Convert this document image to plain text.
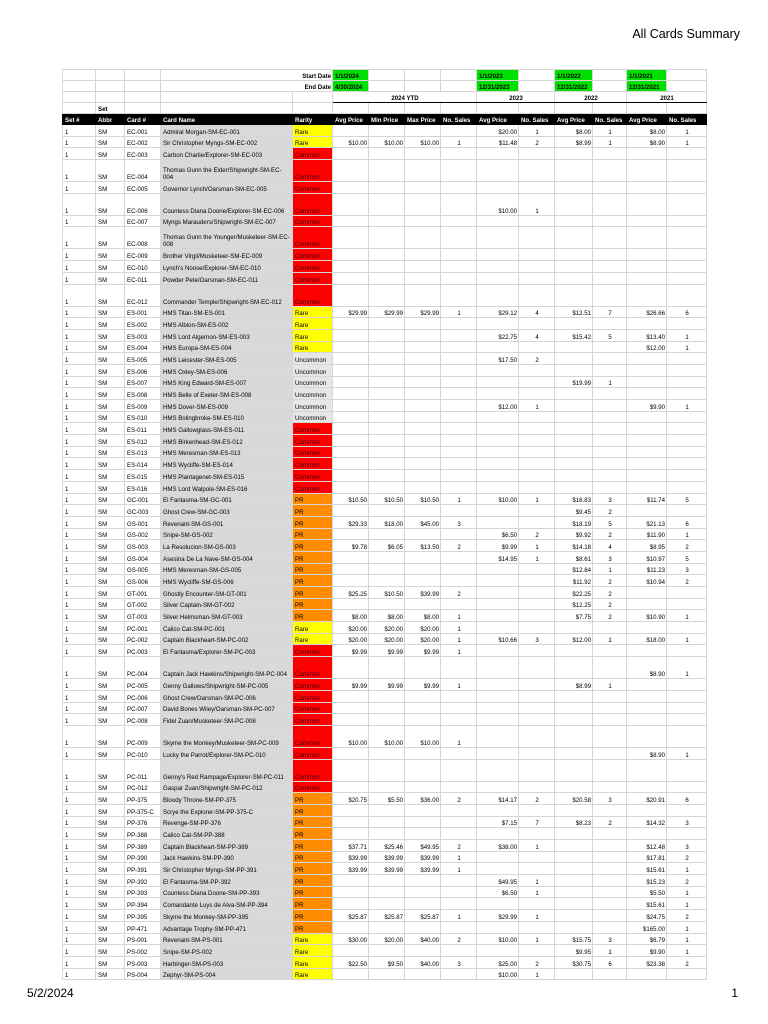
All Cards Summary
			Start Date		1/1/2024				1/1/2023		1/1/2022		1/1/2021	
			End Date		4/30/2024				12/31/2023		12/31/2022		12/31/2021	
					2024 YTD				2023		2022		2021	
	Set													
Set #	Abbr	Card #	Card Name	Rarity	Avg Price	Min Price	Max Price	No. Sales	Avg Price	No. Sales	Avg Price	No. Sales	Avg Price	No. Sales
1	SM	EC-001	Admiral Morgan-SM-EC-001	Rare					$20.00	1	$8.00	1	$8.00	1
1	SM	EC-002	Sir Christopher Myngs-SM-EC-002	Rare	$10.00	$10.00	$10.00	1	$11.48	2	$8.99	1	$8.90	1
1	SM	EC-003	Carbon Charlie/Explorer-SM-EC-003	Common										
1	SM	EC-004	Thomas Gunn the Elder/Shipwright-SM-EC-004	Common										
1	SM	EC-005	Governor Lynch/Oarsman-SM-EC-005	Common										
1	SM	EC-006	Countess Diana Doone/Explorer-SM-EC-006	Common					$10.00	1				
1	SM	EC-007	Myngs Marauders/Shipwright-SM-EC-007	Common										
1	SM	EC-008	Thomas Gunn the Younger/Musketeer-SM-EC-008	Common										
1	SM	EC-009	Brother Virgil/Musketeer-SM-EC-009	Common										
1	SM	EC-010	Lynch's Noose/Explorer-SM-EC-010	Common										
1	SM	EC-011	Powder Pete/Oarsman-SM-EC-011	Common										
1	SM	EC-012	Commander Temple/Shipwright-SM-EC-012	Common										
1	SM	ES-001	HMS Titan-SM-ES-001	Rare	$29.99	$29.99	$29.99	1	$29.12	4	$12.51	7	$26.66	6
1	SM	ES-002	HMS Albion-SM-ES-002	Rare										
1	SM	ES-003	HMS Lord Algernon-SM-ES-003	Rare					$22.75	4	$15.42	5	$13.40	1
1	SM	ES-004	HMS Europa-SM-ES-004	Rare									$12.00	1
1	SM	ES-005	HMS Leicester-SM-ES-005	Uncommon					$17.50	2				
1	SM	ES-006	HMS Oxley-SM-ES-006	Uncommon										
1	SM	ES-007	HMS King Edward-SM-ES-007	Uncommon							$19.99	1		
1	SM	ES-008	HMS Belle of Exeter-SM-ES-008	Uncommon										
1	SM	ES-009	HMS Dover-SM-ES-009	Uncommon					$12.00	1			$9.90	1
1	SM	ES-010	HMS Bolingbroke-SM-ES-010	Uncommon										
1	SM	ES-011	HMS Gallowglass-SM-ES-011	Common										
1	SM	ES-012	HMS Birkenhead-SM-ES-012	Common										
1	SM	ES-013	HMS Meresman-SM-ES-013	Common										
1	SM	ES-014	HMS Wycliffe-SM-ES-014	Common										
1	SM	ES-015	HMS Plantagenet-SM-ES-015	Common										
1	SM	ES-016	HMS Lord Walpole-SM-ES-016	Common										
1	SM	GC-001	El Fantasma-SM-GC-001	PR	$10.50	$10.50	$10.50	1	$10.00	1	$16.83	3	$11.74	5
1	SM	GC-003	Ghost Crew-SM-GC-003	PR							$9.45	2		
1	SM	GS-001	Revenant-SM-GS-001	PR	$29.33	$18.00	$45.00	3			$18.19	5	$21.13	6
1	SM	GS-002	Snipe-SM-GS-002	PR					$6.50	2	$9.92	2	$11.90	1
1	SM	GS-003	La Resolucion-SM-GS-003	PR	$9.78	$6.05	$13.50	2	$9.99	1	$14.18	4	$8.95	2
1	SM	GS-004	Asesina De La Nave-SM-GS-004	PR					$14.95	1	$8.61	3	$10.97	5
1	SM	GS-005	HMS Meresman-SM-GS-005	PR							$12.84	1	$11.23	3
1	SM	GS-006	HMS Wycliffe-SM-GS-006	PR							$11.92	2	$10.94	2
1	SM	GT-001	Ghostly Encounter-SM-GT-001	PR	$25.25	$10.50	$39.99	2			$22.25	2		
1	SM	GT-002	Silver Captain-SM-GT-002	PR							$12.25	2		
1	SM	GT-003	Silver Helmsman-SM-GT-003	PR	$8.00	$8.00	$8.00	1			$7.75	2	$10.90	1
1	SM	PC-001	Calico Cat-SM-PC-001	Rare	$20.00	$20.00	$20.00	1						
1	SM	PC-002	Captain Blackheart-SM-PC-002	Rare	$20.00	$20.00	$20.00	1	$10.66	3	$12.00	1	$18.00	1
1	SM	PC-003	El Fantasma/Explorer-SM-PC-003	Common	$9.99	$9.99	$9.99	1						
1	SM	PC-004	Captain Jack Hawkins/Shipwright-SM-PC-004	Common									$8.90	1
1	SM	PC-005	Genny Gallows/Shipwright-SM-PC-005	Common	$9.99	$9.99	$9.99	1			$8.99	1		
1	SM	PC-006	Ghost Crew/Oarsman-SM-PC-006	Common										
1	SM	PC-007	David Bones Wiley/Oarsman-SM-PC-007	Common										
1	SM	PC-008	Fidel Zuan/Musketeer-SM-PC-008	Common										
1	SM	PC-009	Skyme the Monkey/Musketeer-SM-PC-009	Common	$10.00	$10.00	$10.00	1						
1	SM	PC-010	Lucky the Parrot/Explorer-SM-PC-010	Common									$8.90	1
1	SM	PC-011	Genny's Red Rampage/Explorer-SM-PC-011	Common										
1	SM	PC-012	Gaspar Zuan/Shipwright-SM-PC-012	Common										
1	SM	PP-375	Bloody Throne-SM-PP-375	PR	$20.75	$5.50	$36.00	2	$14.17	2	$20.58	3	$20.91	6
1	SM	PP-375-C	Scrye the Explorer-SM-PP-375-C	PR										
1	SM	PP-376	Revenge-SM-PP-376	PR					$7.15	7	$8.23	2	$14.32	3
1	SM	PP-388	Calico Cat-SM-PP-388	PR										
1	SM	PP-389	Captain Blackheart-SM-PP-389	PR	$37.71	$25.46	$49.95	2	$38.00	1			$12.48	3
1	SM	PP-390	Jack Hawkins-SM-PP-390	PR	$39.99	$39.99	$39.99	1					$17.81	2
1	SM	PP-391	Sir Christopher Myngs-SM-PP-391	PR	$39.99	$39.99	$39.99	1					$15.61	1
1	SM	PP-392	El Fantasma-SM-PP-392	PR					$49.95	1			$15.23	2
1	SM	PP-393	Countess Diana Doone-SM-PP-393	PR					$6.50	1			$5.50	1
1	SM	PP-394	Comandante Luys de Alva-SM-PP-394	PR									$15.61	1
1	SM	PP-395	Skyme the Monkey-SM-PP-395	PR	$25.87	$25.87	$25.87	1	$29.99	1			$24.75	2
1	SM	PP-471	Advantage Trophy-SM-PP-471	PR									$165.00	1
1	SM	PS-001	Revenant-SM-PS-001	Rare	$30.00	$20.00	$40.00	2	$10.00	1	$15.75	3	$6.79	1
1	SM	PS-002	Snipe-SM-PS-002	Rare							$9.95	1	$9.90	1
1	SM	PS-003	Harbinger-SM-PS-003	Rare	$22.50	$9.50	$40.00	3	$25.00	2	$30.75	6	$23.38	2
1	SM	PS-004	Zephyr-SM-PS-004	Rare					$10.00	1				
5/2/2024	1
